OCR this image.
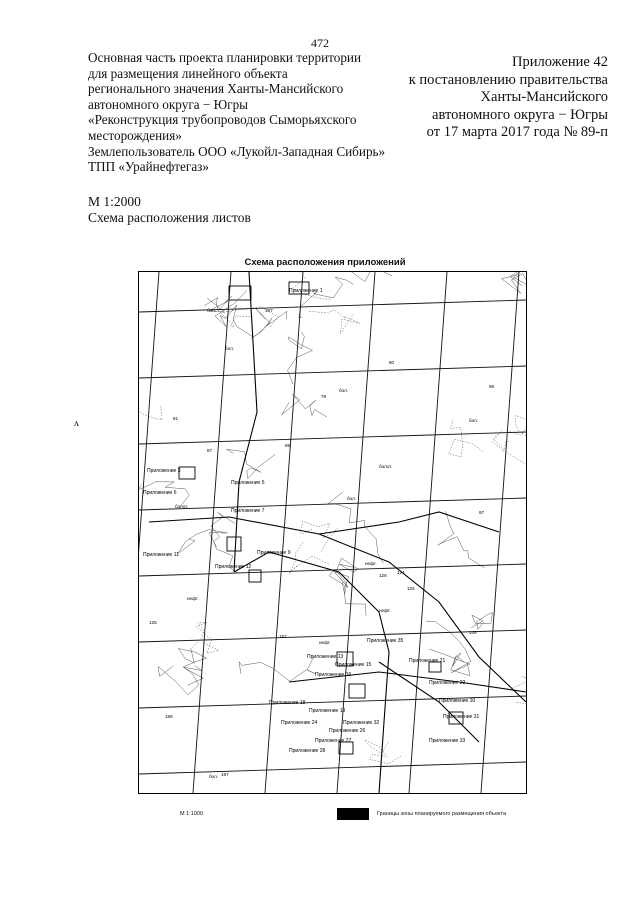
472
Основная часть проекта планировки территории
для размещения линейного объекта
регионального значения Ханты-Мансийского
автономного округа − Югры
«Реконструкция трубопроводов Сыморьяхского
месторождения»
Землепользователь ООО «Лукойл-Западная Сибирь»
ТПП «Урайнефтегаз»
Приложение 42
к постановлению правительства
Ханты-Мансийского
автономного округа − Югры
от 17 марта 2017 года № 89-п
М 1:2000
Схема расположения листов
ʌ
Схема расположения приложений
Приложение 1
Приложение 3
Приложение 5
Приложение 6
Приложение 7
Приложение 9
Приложение 11
Приложение 12
Приложение 13
Приложение 15
Приложение 16
Приложение 18
Приложение 19
Приложение 21
Приложение 22
Приложение 24
Приложение 26
Приложение 27
Приложение 28
Приложение 30
Приложение 31
Приложение 32
Приложение 33
Приложение 35
бол.
бол.
бол.
болот.
болот.
бол.
нефт.
нефт.
нефт.
нефт.
бол.
бол.
197
79
80
81
87
89
96
97
124
125
126
128
149
167
188
197
М 1:1000	Границы зоны планируемого размещения объекта
